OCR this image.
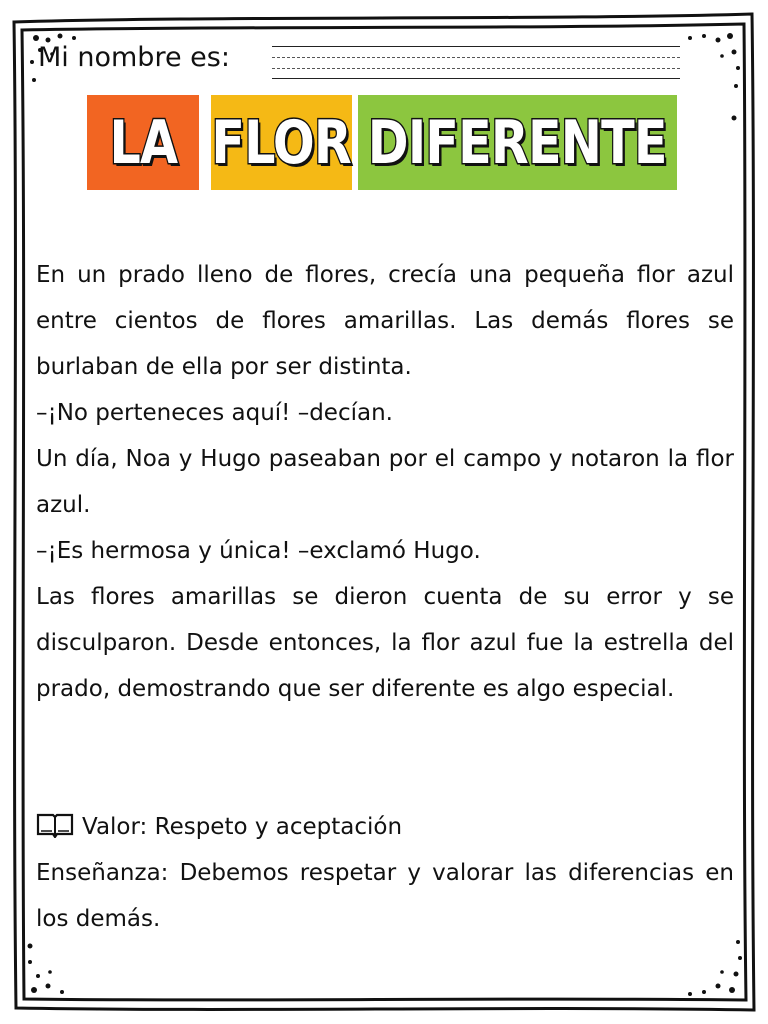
Mi nombre es:
LA FLOR DIFERENTE

En un prado lleno de flores, crecía una pequeña flor azul entre cientos de flores amarillas. Las demás flores se burlaban de ella por ser distinta.

–¡No perteneces aquí! –decían.

Un día, Noa y Hugo paseaban por el campo y notaron la flor azul.

–¡Es hermosa y única! –exclamó Hugo.

Las flores amarillas se dieron cuenta de su error y se disculparon. Desde entonces, la flor azul fue la estrella del prado, demostrando que ser diferente es algo especial.

Valor: Respeto y aceptación

Enseñanza: Debemos respetar y valorar las diferencias en los demás.
